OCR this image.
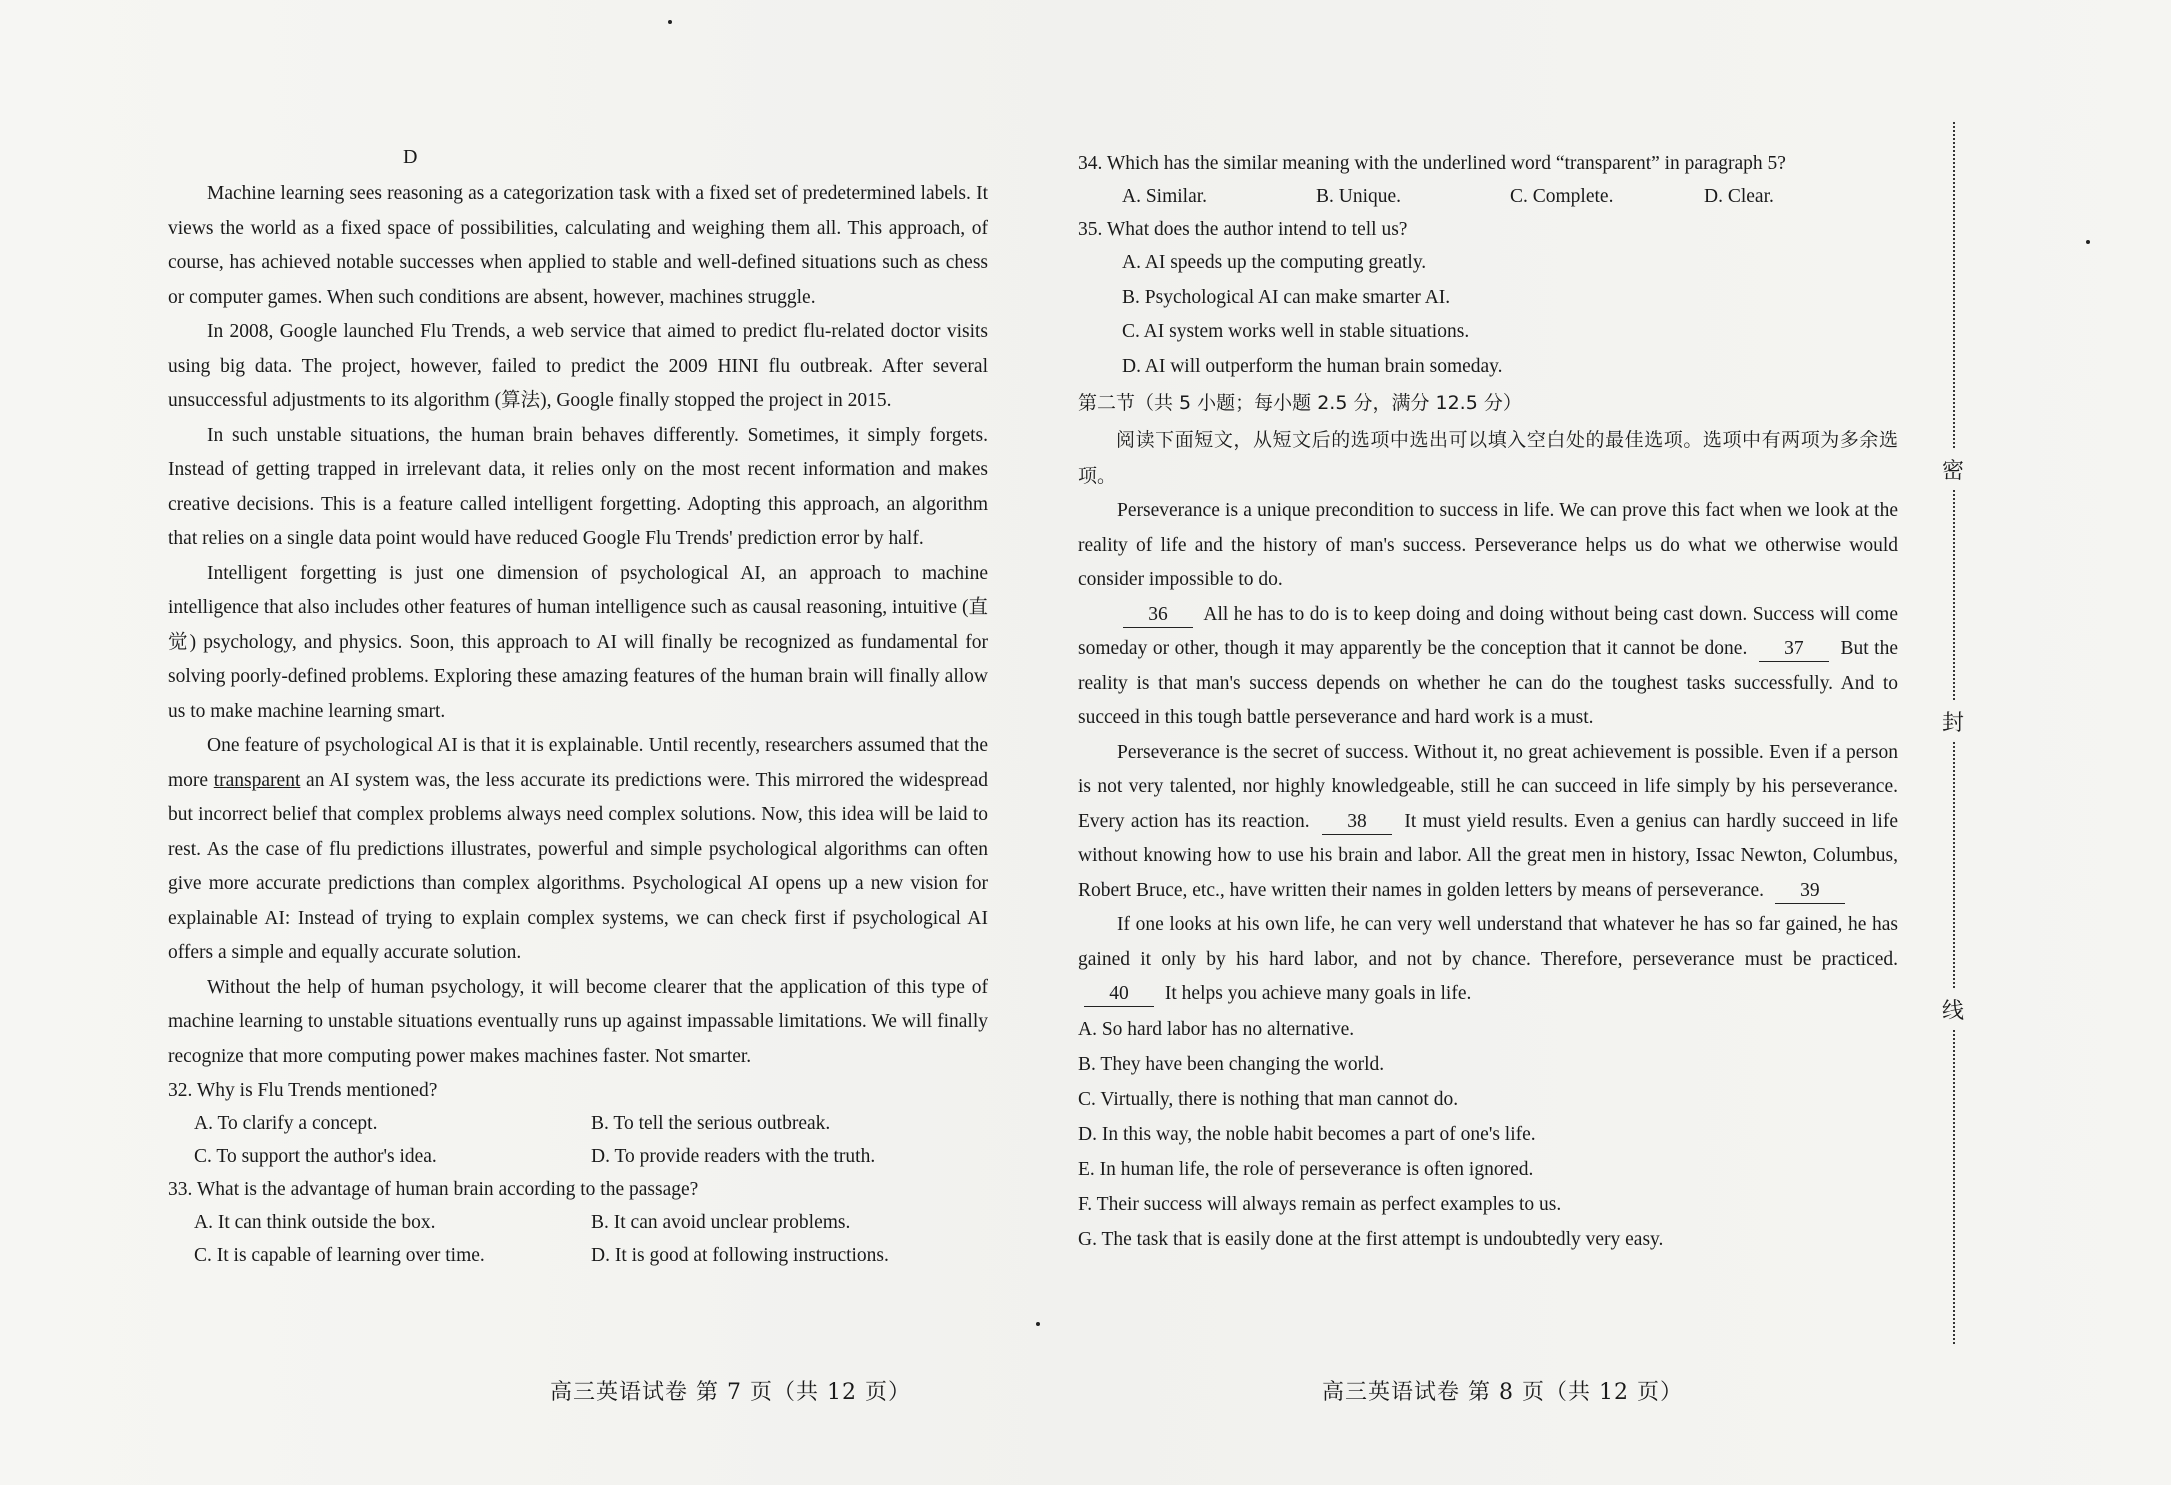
D

Machine learning sees reasoning as a categorization task with a fixed set of predetermined labels. It views the world as a fixed space of possibilities, calculating and weighing them all. This approach, of course, has achieved notable successes when applied to stable and well-defined situations such as chess or computer games. When such conditions are absent, however, machines struggle.

In 2008, Google launched Flu Trends, a web service that aimed to predict flu-related doctor visits using big data. The project, however, failed to predict the 2009 HINI flu outbreak. After several unsuccessful adjustments to its algorithm (算法), Google finally stopped the project in 2015.

In such unstable situations, the human brain behaves differently. Sometimes, it simply forgets. Instead of getting trapped in irrelevant data, it relies only on the most recent information and makes creative decisions. This is a feature called intelligent forgetting. Adopting this approach, an algorithm that relies on a single data point would have reduced Google Flu Trends' prediction error by half.

Intelligent forgetting is just one dimension of psychological AI, an approach to machine intelligence that also includes other features of human intelligence such as causal reasoning, intuitive (直觉) psychology, and physics. Soon, this approach to AI will finally be recognized as fundamental for solving poorly-defined problems. Exploring these amazing features of the human brain will finally allow us to make machine learning smart.

One feature of psychological AI is that it is explainable. Until recently, researchers assumed that the more transparent an AI system was, the less accurate its predictions were. This mirrored the widespread but incorrect belief that complex problems always need complex solutions. Now, this idea will be laid to rest. As the case of flu predictions illustrates, powerful and simple psychological algorithms can often give more accurate predictions than complex algorithms. Psychological AI opens up a new vision for explainable AI: Instead of trying to explain complex systems, we can check first if psychological AI offers a simple and equally accurate solution.

Without the help of human psychology, it will become clearer that the application of this type of machine learning to unstable situations eventually runs up against impassable limitations. We will finally recognize that more computing power makes machines faster. Not smarter.

32. Why is Flu Trends mentioned?

A. To clarify a concept.	B. To tell the serious outbreak.
C. To support the author's idea.	D. To provide readers with the truth.

33. What is the advantage of human brain according to the passage?

A. It can think outside the box.	B. It can avoid unclear problems.
C. It is capable of learning over time.	D. It is good at following instructions.
高三英语试卷 第 7 页（共 12 页）

34. Which has the similar meaning with the underlined word “transparent” in paragraph 5?

A. Similar.	B. Unique.	C. Complete.	D. Clear.

35. What does the author intend to tell us?

A. AI speeds up the computing greatly.

B. Psychological AI can make smarter AI.

C. AI system works well in stable situations.

D. AI will outperform the human brain someday.

第二节（共 5 小题；每小题 2.5 分，满分 12.5 分）

阅读下面短文，从短文后的选项中选出可以填入空白处的最佳选项。选项中有两项为多余选项。

Perseverance is a unique precondition to success in life. We can prove this fact when we look at the reality of life and the history of man's success. Perseverance helps us do what we otherwise would consider impossible to do.

36 All he has to do is to keep doing and doing without being cast down. Success will come someday or other, though it may apparently be the conception that it cannot be done. 37 But the reality is that man's success depends on whether he can do the toughest tasks successfully. And to succeed in this tough battle perseverance and hard work is a must.

Perseverance is the secret of success. Without it, no great achievement is possible. Even if a person is not very talented, nor highly knowledgeable, still he can succeed in life simply by his perseverance. Every action has its reaction. 38 It must yield results. Even a genius can hardly succeed in life without knowing how to use his brain and labor. All the great men in history, Issac Newton, Columbus, Robert Bruce, etc., have written their names in golden letters by means of perseverance. 39

If one looks at his own life, he can very well understand that whatever he has so far gained, he has gained it only by his hard labor, and not by chance. Therefore, perseverance must be practiced. 40 It helps you achieve many goals in life.

A. So hard labor has no alternative.

B. They have been changing the world.

C. Virtually, there is nothing that man cannot do.

D. In this way, the noble habit becomes a part of one's life.

E. In human life, the role of perseverance is often ignored.

F. Their success will always remain as perfect examples to us.

G. The task that is easily done at the first attempt is undoubtedly very easy.

高三英语试卷 第 8 页（共 12 页）
密
封
线
